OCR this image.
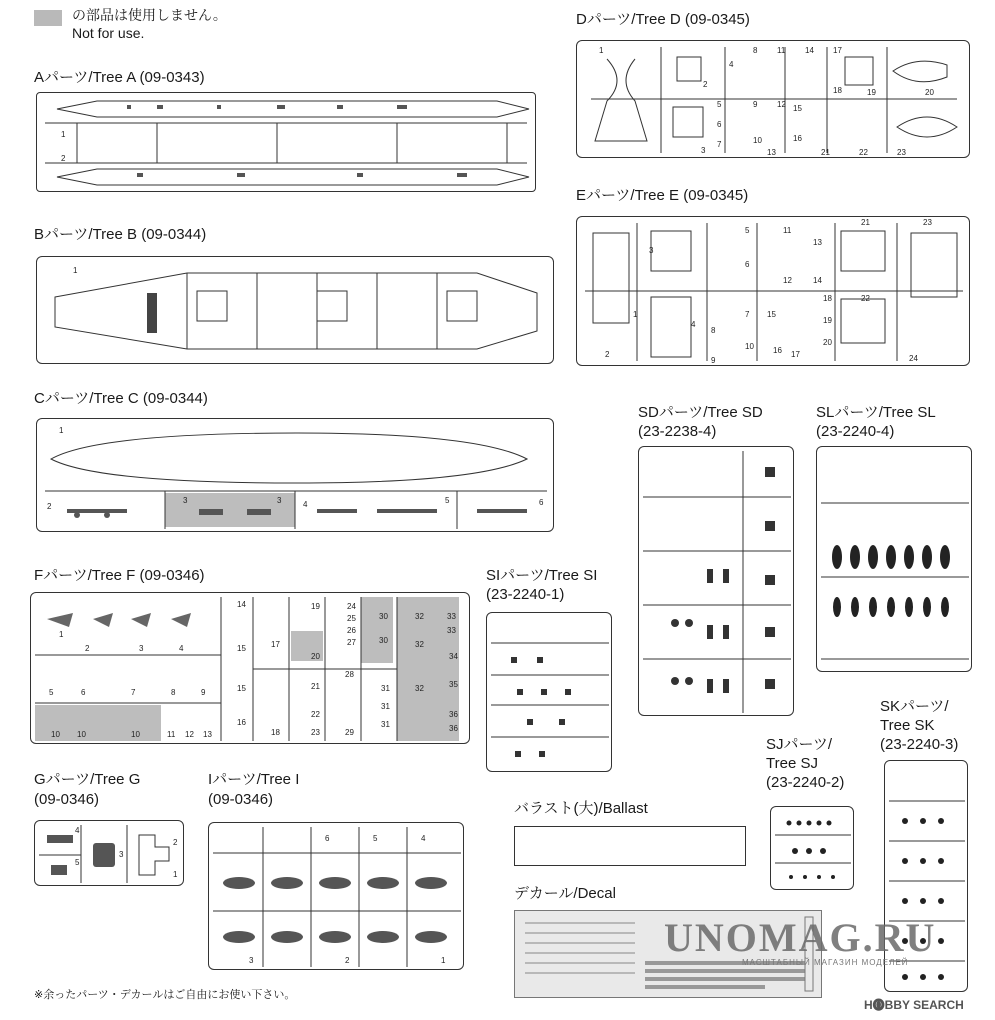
の部品は使用しません。
Not for use.
Aパーツ/Tree A (09-0343)
Bパーツ/Tree B (09-0344)
Cパーツ/Tree C (09-0344)
Dパーツ/Tree D (09-0345)
Eパーツ/Tree E (09-0345)
Fパーツ/Tree F (09-0346)
Gパーツ/Tree G
(09-0346)
Iパーツ/Tree I
(09-0346)
SDパーツ/Tree SD
(23-2238-4)
SLパーツ/Tree SL
(23-2240-4)
SIパーツ/Tree SI
(23-2240-1)
SJパーツ/
Tree SJ
(23-2240-2)
SKパーツ/
Tree SK
(23-2240-3)
バラスト(大)/Ballast
デカール/Decal
1
2
1
1
2
3	3	4	5	6
1
2
3
4
5
6
7
8
9
10
11
12
13
14
15
16
17
18	19	20
21	22	23
1
2
3
4
5
6
7
8
9
10
11
12
13
14
15
16 17
18
19
20
21
22
23
24
1
2	3	4
5	6	7	8	9
10 10	10	11 12 13
14
15
15
16
17
18
19
20
21
22
23
24
25
26
27
28
29
30
30
31
31
31
32
32
32
33
33
34
35
36
36
1
2
3
4
5
3	2	1
6	5	4
※余ったパーツ・デカールはご自由にお使い下さい。
UNOMAG.RU
МАСШТАБНЫЙ МАГАЗИН МОДЕЛЕЙ
H🅞BBY SEARCH
